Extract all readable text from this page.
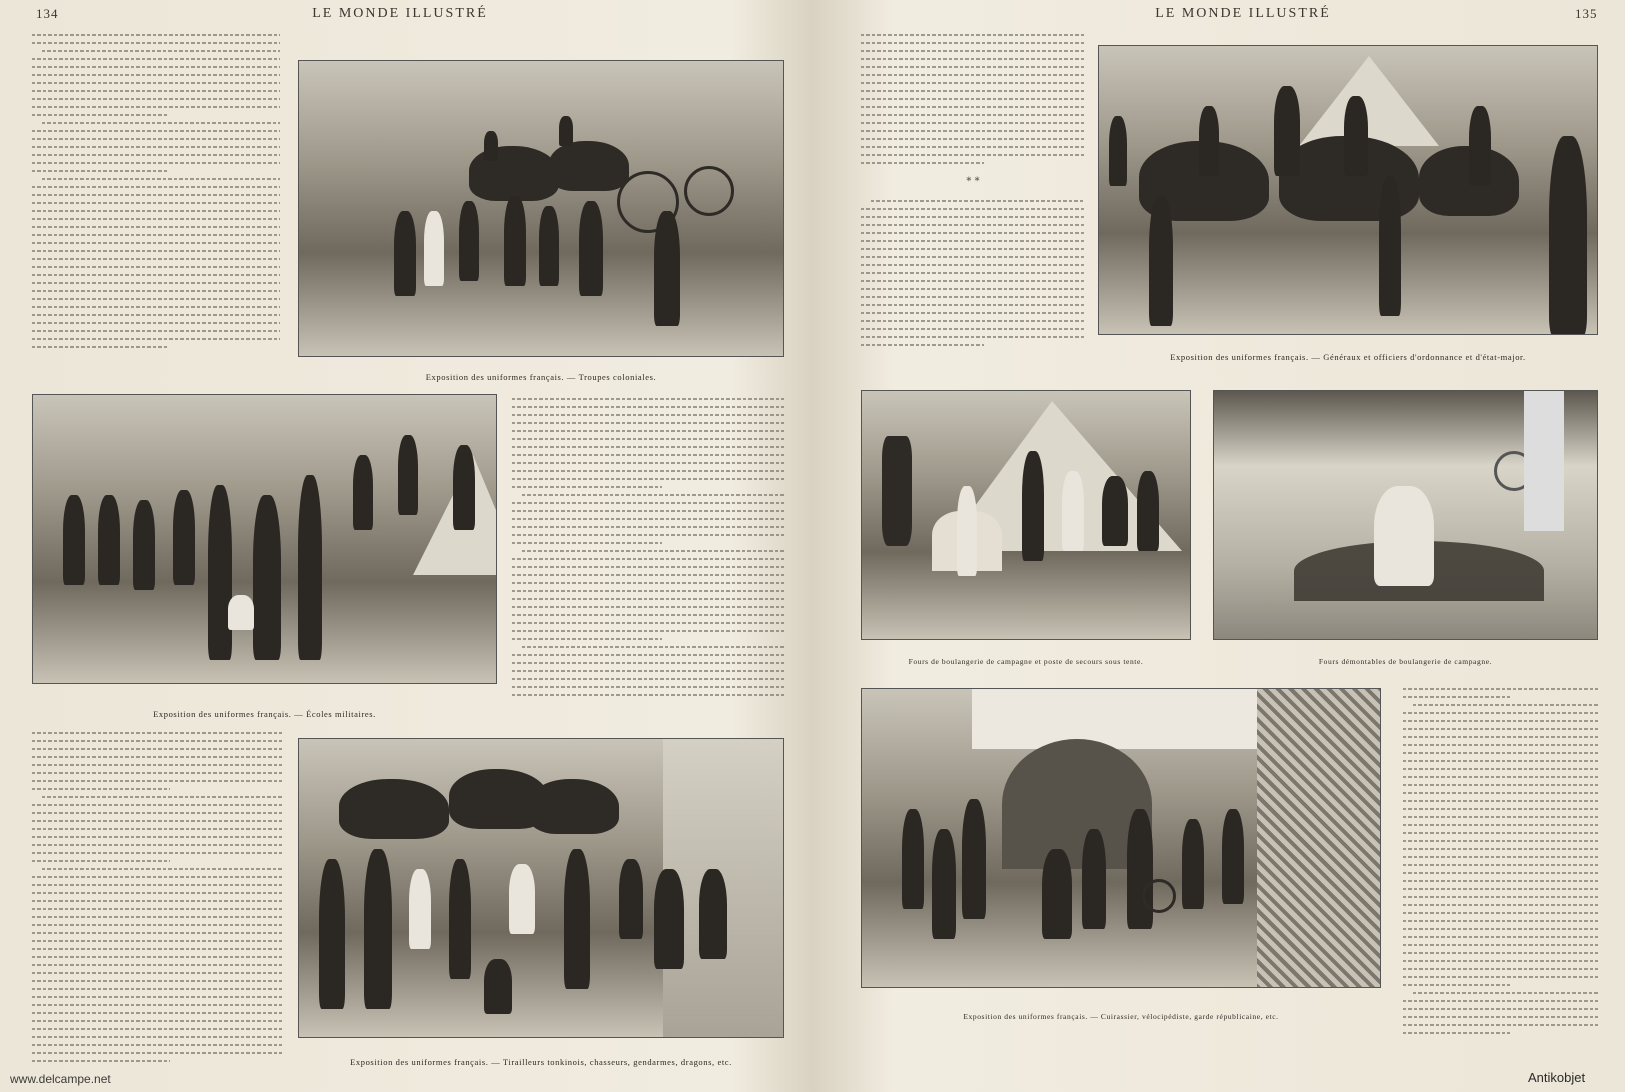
134	LE MONDE ILLUSTRÉ
Exposition des uniformes français. — Troupes coloniales.
Exposition des uniformes français. — Écoles militaires.
Exposition des uniformes français. — Tirailleurs tonkinois, chasseurs, gendarmes, dragons, etc.
LE MONDE ILLUSTRÉ	135
* *
Exposition des uniformes français. — Généraux et officiers d'ordonnance et d'état-major.
Fours de boulangerie de campagne et poste de secours sous tente.	Fours démontables de boulangerie de campagne.
Exposition des uniformes français. — Cuirassier, vélocipédiste, garde républicaine, etc.
www.delcampe.net	Antikobjet
